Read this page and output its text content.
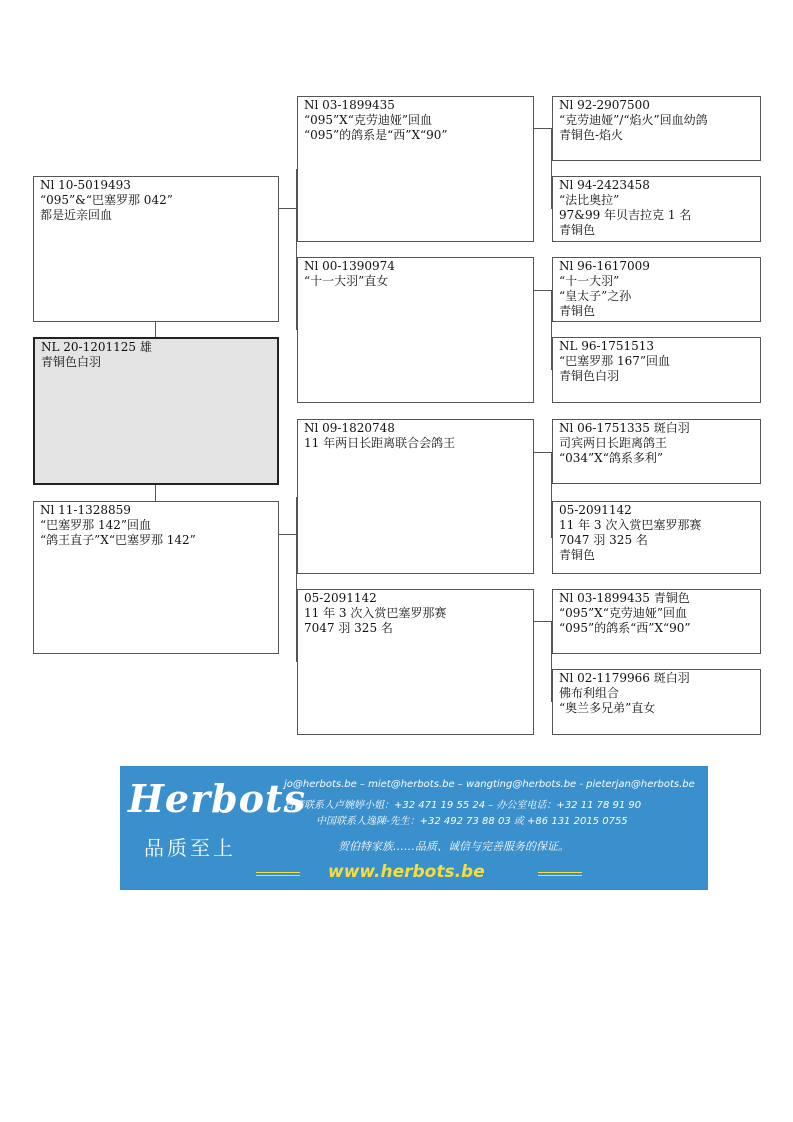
Nl 10-5019493
“095”&“巴塞罗那 042”
都是近亲回血
NL 20-1201125 雄
青铜色白羽
Nl 11-1328859
“巴塞罗那 142”回血
“鸽王直子”X“巴塞罗那 142”
Nl 03-1899435
“095”X“克劳迪娅”回血
“095”的鸽系是“西”X“90”
Nl 00-1390974
“十一大羽”直女
Nl 09-1820748
11 年两日长距离联合会鸽王
05-2091142
11 年 3 次入赏巴塞罗那赛
7047 羽 325 名
Nl 92-2907500
“克劳迪娅”/“焰火”回血幼鸽
青铜色-焰火
Nl 94-2423458
“法比奥拉”
97&99 年贝吉拉克 1 名
青铜色
Nl 96-1617009
“十一大羽”
“皇太子”之孙
青铜色
NL 96-1751513
“巴塞罗那 167”回血
青铜色白羽
Nl 06-1751335 斑白羽
司宾两日长距离鸽王
“034”X“鸽系多利”
05-2091142
11 年 3 次入赏巴塞罗那赛
7047 羽 325 名
青铜色
Nl 03-1899435 青铜色
“095”X“克劳迪娅”回血
“095”的鸽系“西”X“90”
Nl 02-1179966 斑白羽
佛布利组合
“奥兰多兄弟”直女
Herbots
品质至上
jo@herbots.be – miet@herbots.be – wangting@herbots.be - pieterjan@herbots.be
台湾联系人卢婉婷小姐：+32 471 19 55 24 – 办公室电话：+32 11 78 91 90
中国联系人逸陳-先生：+32 492 73 88 03 或 +86 131 2015 0755
贺伯特家族……品质、诚信与完善服务的保证。
www.herbots.be
